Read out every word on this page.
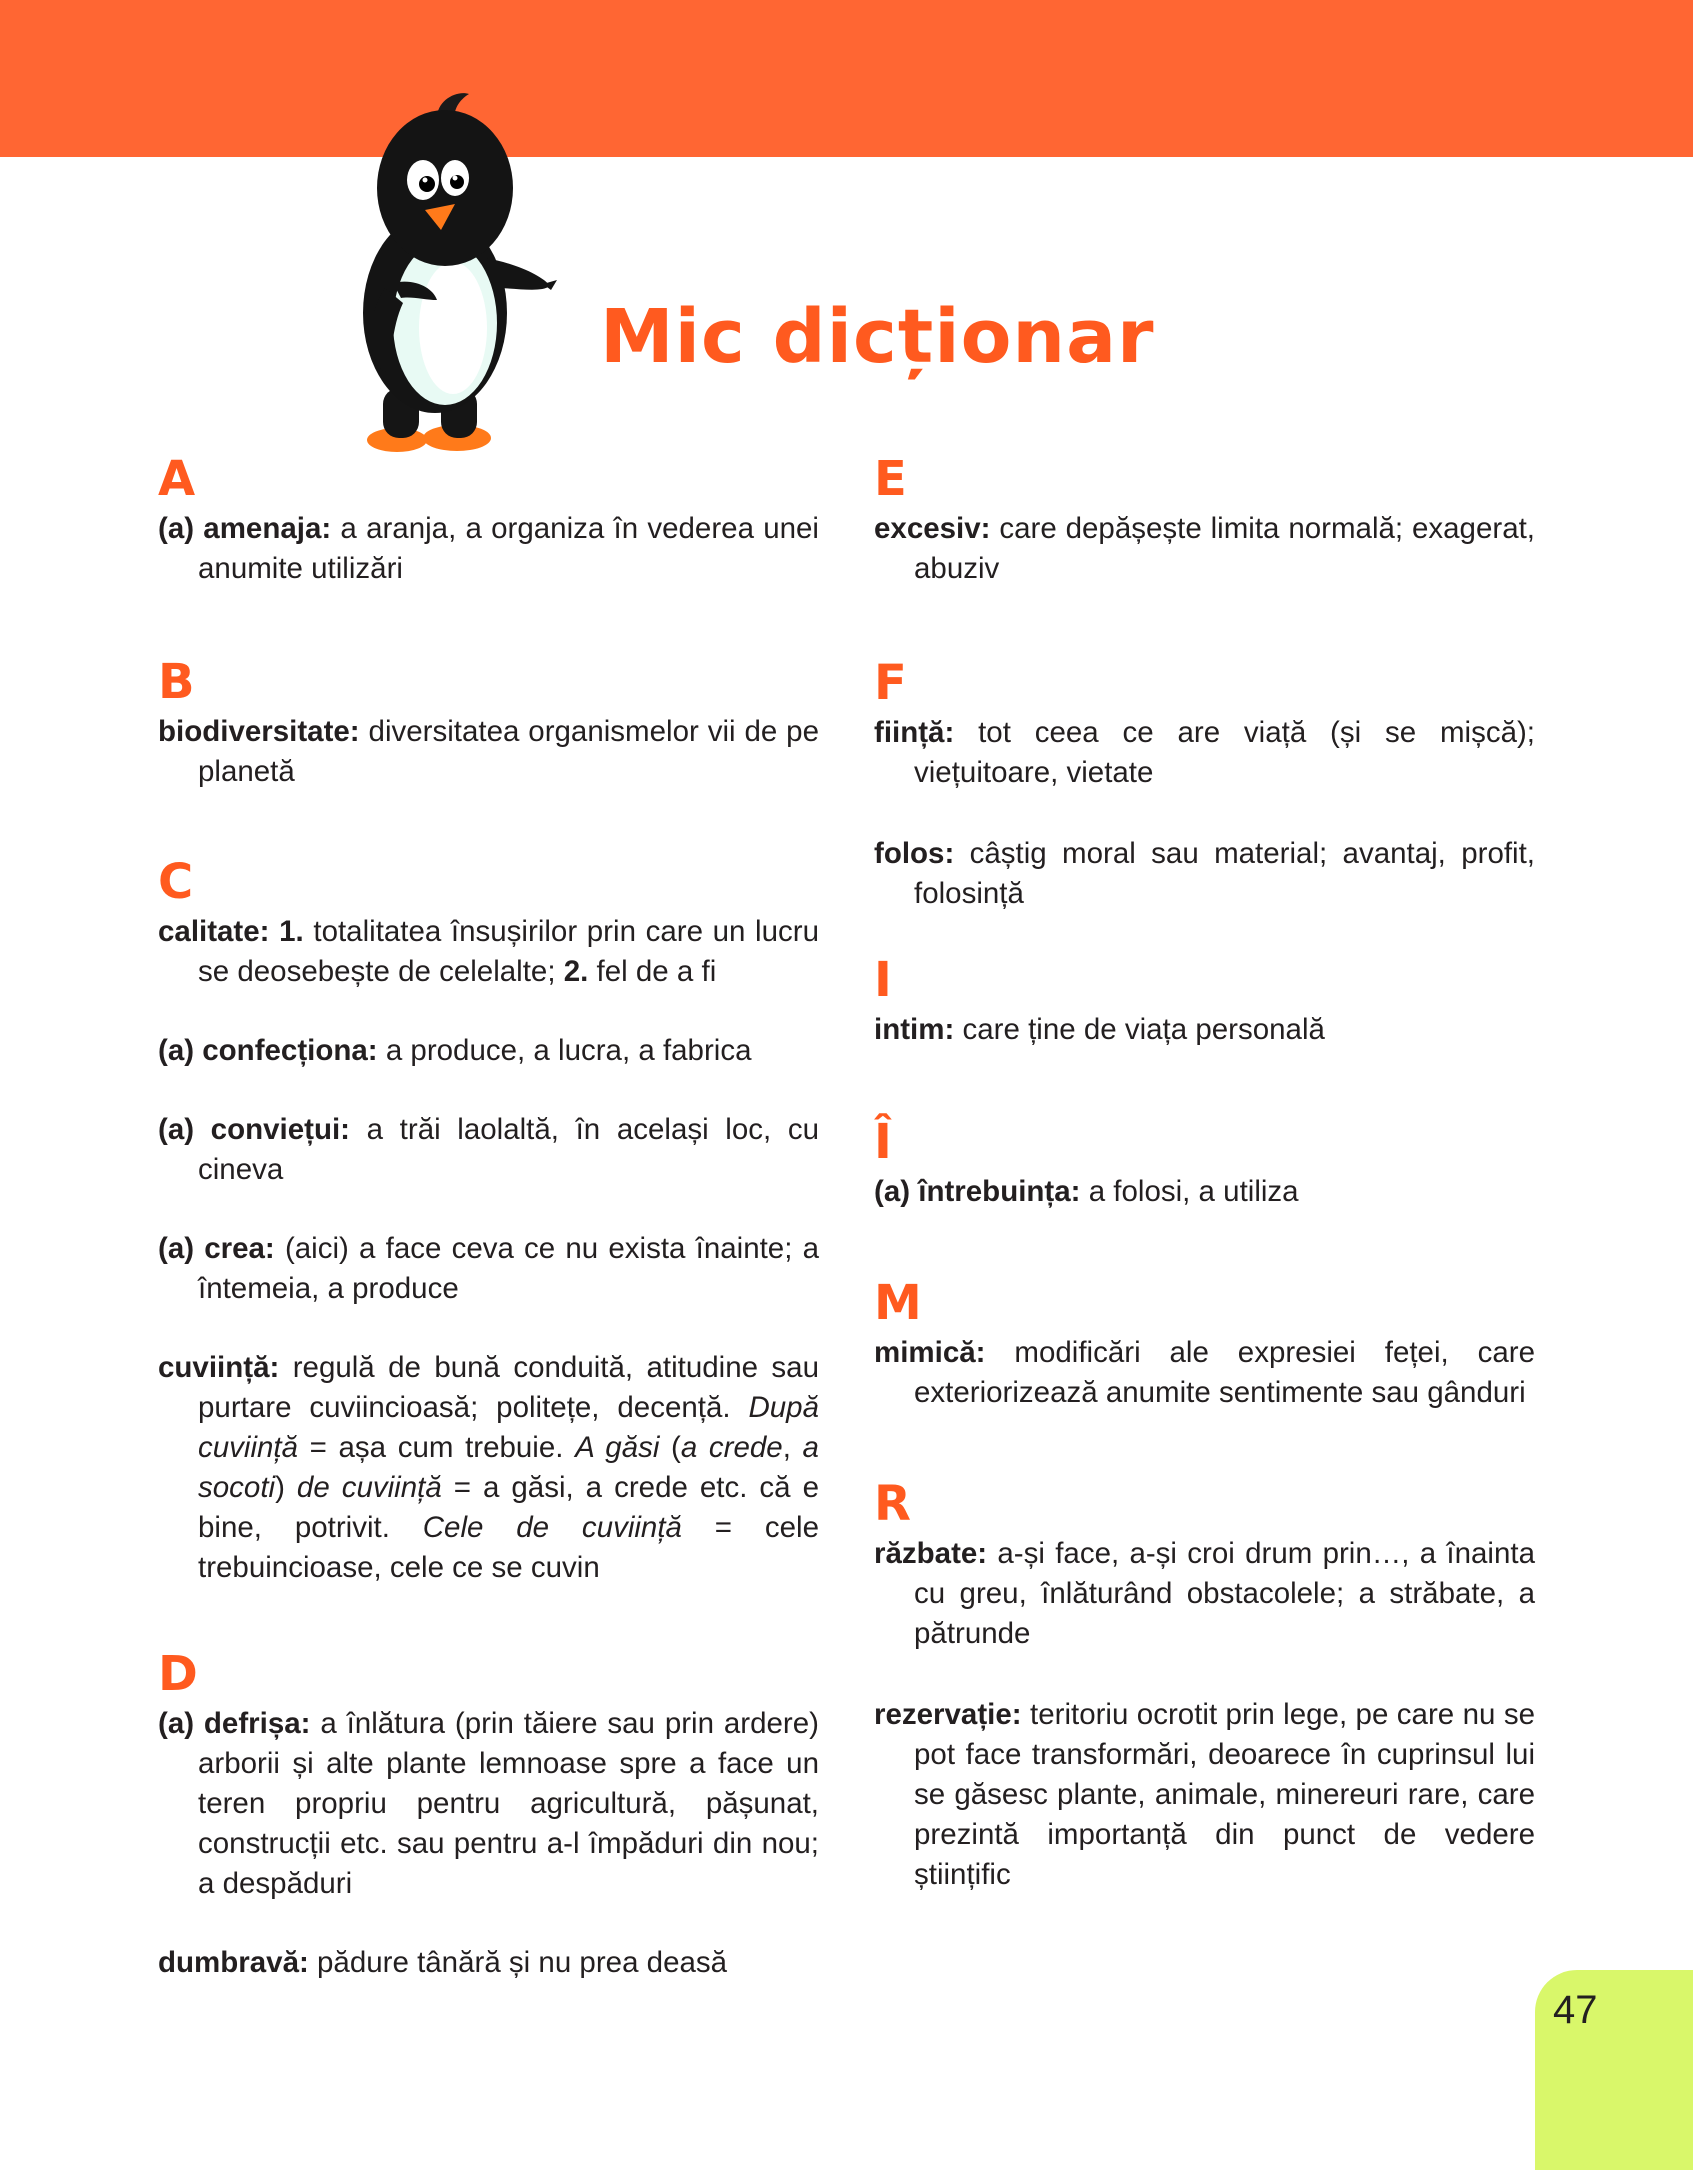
Mic dicționar
A

(a) amenaja: a aranja, a organiza în vederea unei anumite utilizări

B

biodiversitate: diversitatea organismelor vii de pe planetă

C

calitate: 1. totalitatea însușirilor prin care un lucru se deosebește de celelalte; 2. fel de a fi

(a) confecționa: a produce, a lucra, a fabrica

(a) conviețui: a trăi laolaltă, în același loc, cu cineva

(a) crea: (aici) a face ceva ce nu exista înainte; a întemeia, a produce

cuviință: regulă de bună conduită, atitudine sau purtare cuviincioasă; politețe, decență. După cuviință = așa cum trebuie. A găsi (a crede, a socoti) de cuviință = a găsi, a crede etc. că e bine, potrivit. Cele de cuviință = cele trebuincioase, cele ce se cuvin

D

(a) defrișa: a înlătura (prin tăiere sau prin ardere) arborii și alte plante lemnoase spre a face un teren propriu pentru agricultură, pășunat, construcții etc. sau pentru a-l împăduri din nou; a despăduri

dumbravă: pădure tânără și nu prea deasă

E

excesiv: care depășește limita normală; exagerat, abuziv

F

ființă: tot ceea ce are viață (și se mișcă); viețuitoare, vietate

folos: câștig moral sau material; avantaj, profit, folosință

I

intim: care ține de viața personală

Î

(a) întrebuința: a folosi, a utiliza

M

mimică: modificări ale expresiei feței, care exteriorizează anumite sentimente sau gânduri

R

răzbate: a-și face, a-și croi drum prin…, a înainta cu greu, înlăturând obstacolele; a străbate, a pătrunde

rezervație: teritoriu ocrotit prin lege, pe care nu se pot face transformări, deoarece în cuprinsul lui se găsesc plante, animale, minereuri rare, care prezintă importanță din punct de vedere științific

47
